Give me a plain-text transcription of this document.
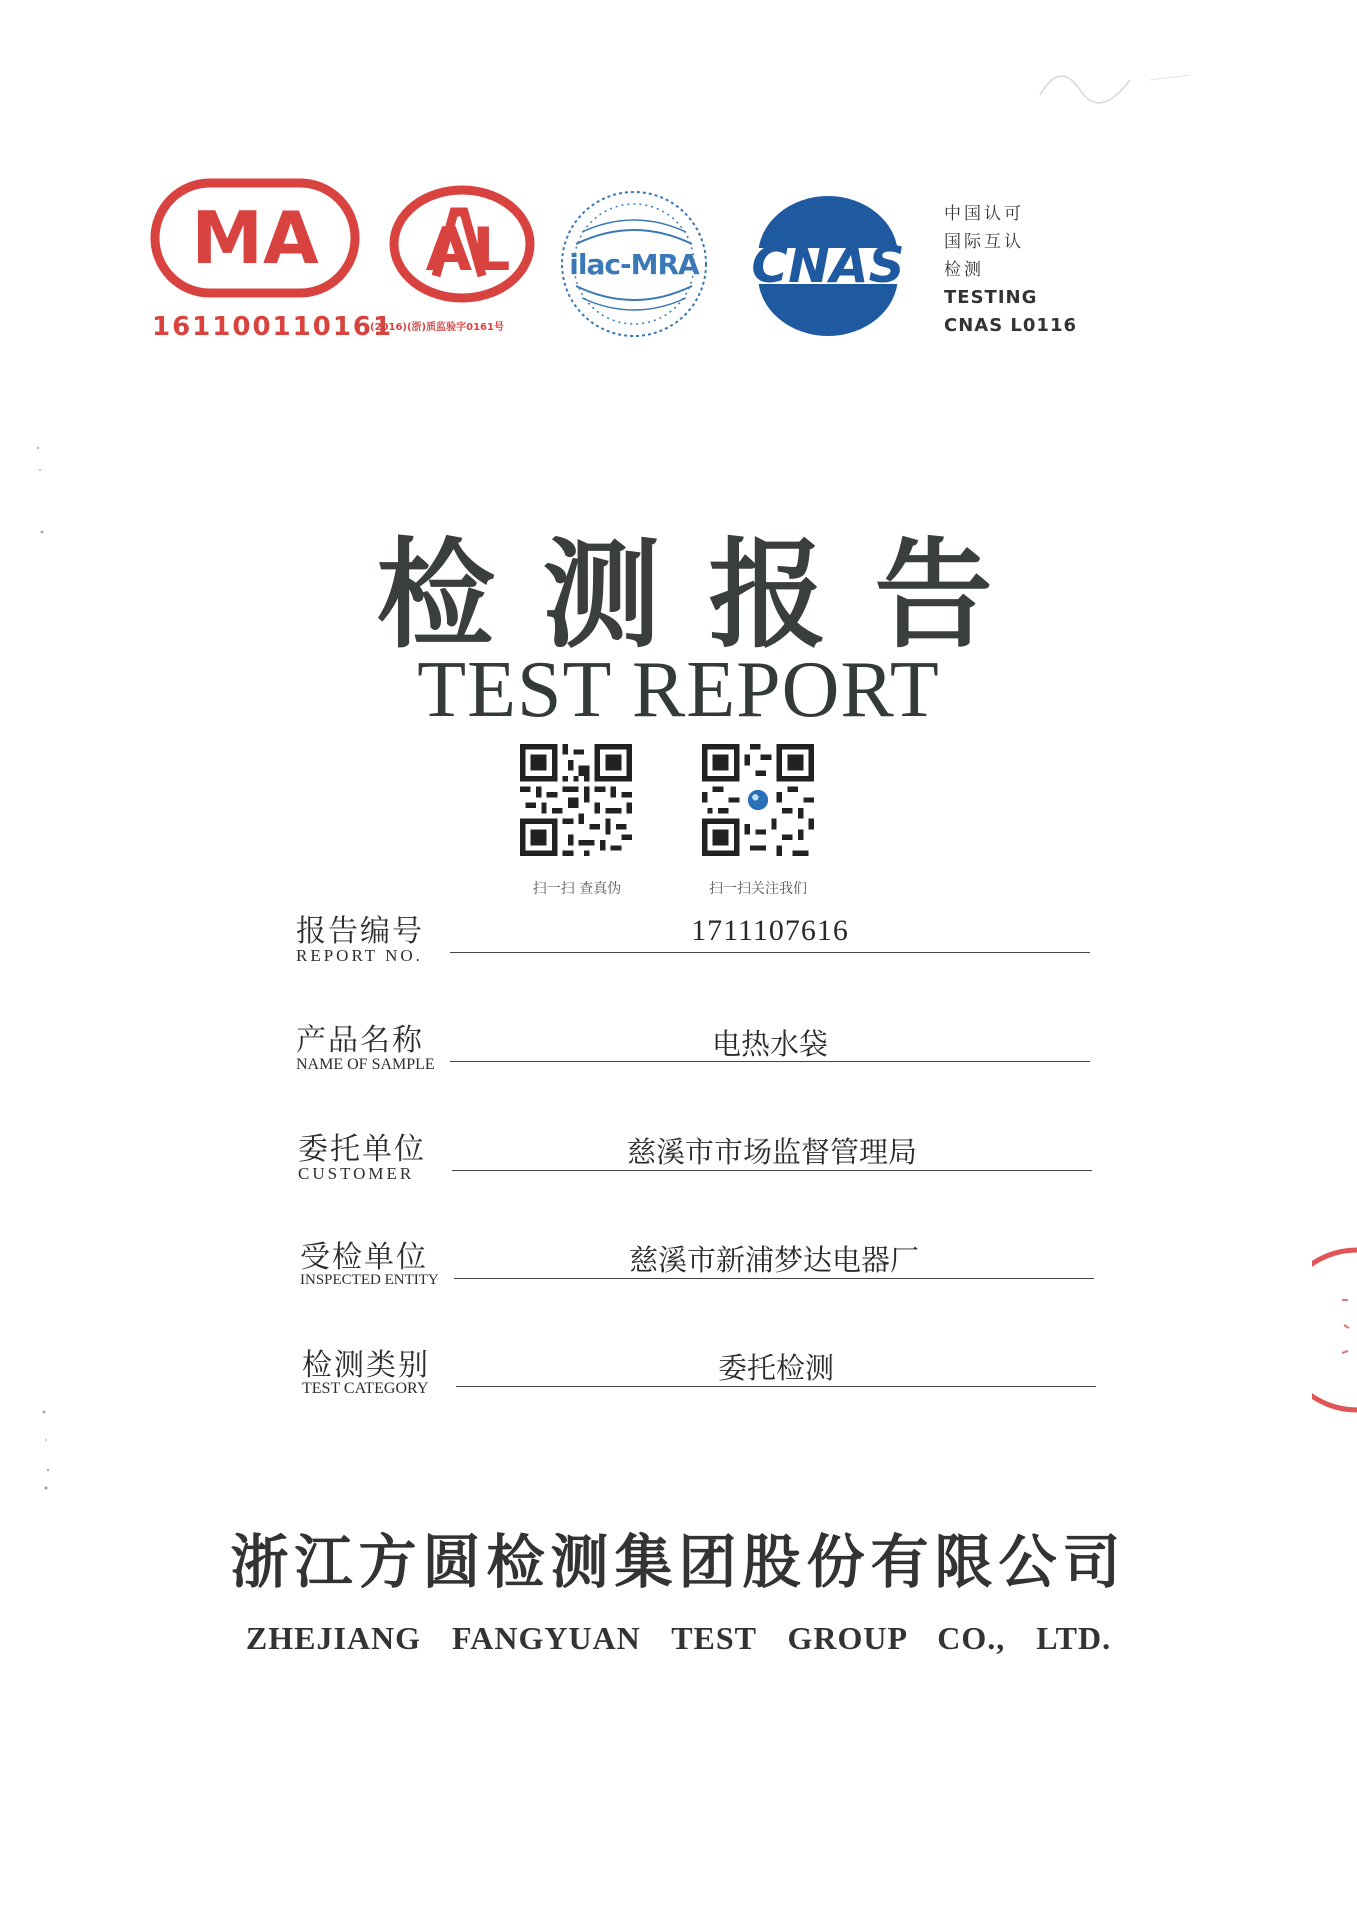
MA
161100110161
AL
(2016)(浙)质监验字0161号
ilac-MRA CNAS
中国认可
国际互认
检测
TESTING
CNAS L0116
检测报告
TEST REPORT
扫一扫 查真伪	扫一扫关注我们
报告编号
REPORT NO.
1711107616
产品名称
NAME OF SAMPLE
电热水袋
委托单位
CUSTOMER
慈溪市市场监督管理局
受检单位
INSPECTED ENTITY
慈溪市新浦梦达电器厂
检测类别
TEST CATEGORY
委托检测
浙江方圆检测集团股份有限公司
ZHEJIANG FANGYUAN TEST GROUP CO., LTD.
